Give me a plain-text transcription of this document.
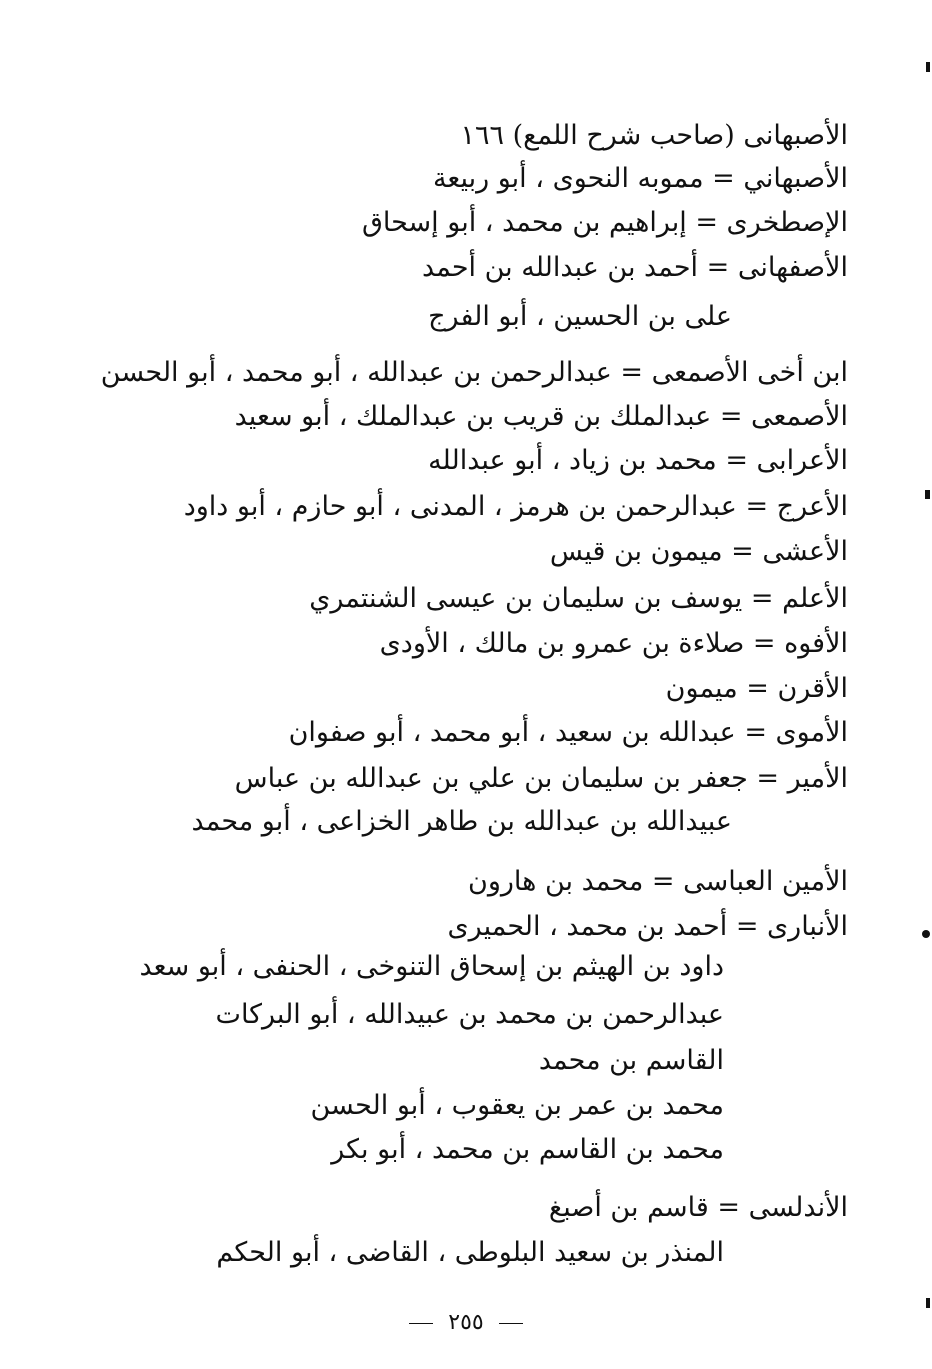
الأصبهانى (صاحب شرح اللمع) ١٦٦
الأصبهاني = مموبه النحوى ، أبو ربيعة
الإصطخرى = إبراهيم بن محمد ، أبو إسحاق
الأصفهانى = أحمد بن عبدالله بن أحمد
على بن الحسين ، أبو الفرج
ابن أخى الأصمعى = عبدالرحمن بن عبدالله ، أبو محمد ، أبو الحسن
الأصمعى = عبدالملك بن قريب بن عبدالملك ، أبو سعيد
الأعرابى = محمد بن زياد ، أبو عبدالله
الأعرج = عبدالرحمن بن هرمز ، المدنى ، أبو حازم ، أبو داود
الأعشى = ميمون بن قيس
الأعلم = يوسف بن سليمان بن عيسى الشنتمري
الأفوه = صلاءة بن عمرو بن مالك ، الأودى
الأقرن = ميمون
الأموى = عبدالله بن سعيد ، أبو محمد ، أبو صفوان
الأمير = جعفر بن سليمان بن علي بن عبدالله بن عباس
عبيدالله بن عبدالله بن طاهر الخزاعى ، أبو محمد
الأمين العباسى = محمد بن هارون
الأنبارى = أحمد بن محمد ، الحميرى
داود بن الهيثم بن إسحاق التنوخى ، الحنفى ، أبو سعد
عبدالرحمن بن محمد بن عبيدالله ، أبو البركات
القاسم بن محمد
محمد بن عمر بن يعقوب ، أبو الحسن
محمد بن القاسم بن محمد ، أبو بكر
الأندلسى = قاسم بن أصبغ
المنذر بن سعيد البلوطى ، القاضى ، أبو الحكم
٢٥٥
